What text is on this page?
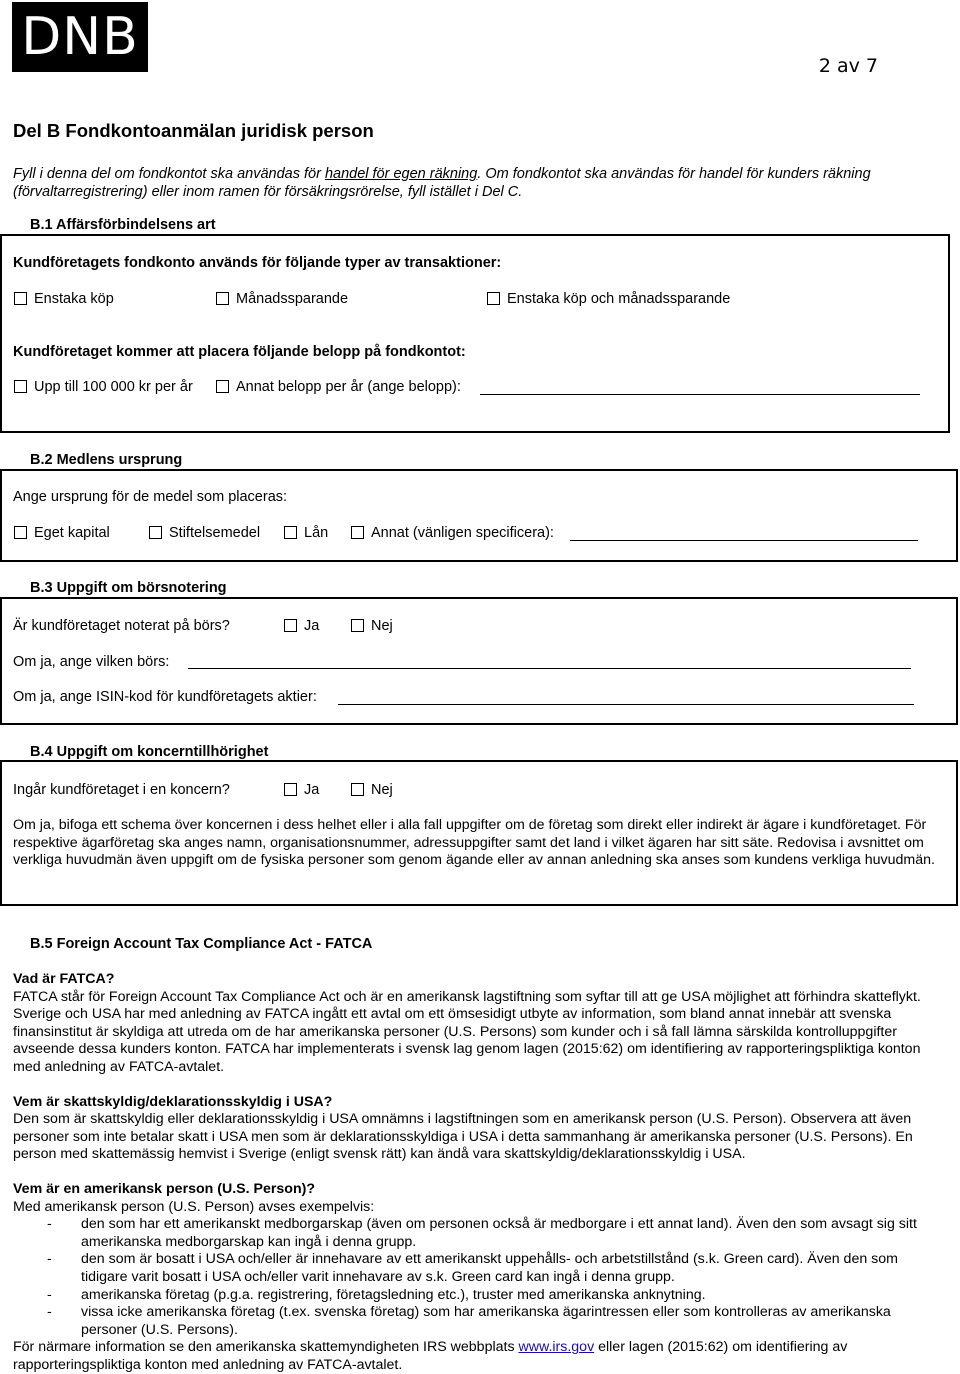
DNB	2 av 7
Del B Fondkontoanmälan juridisk person
Fyll i denna del om fondkontot ska användas för handel för egen räkning. Om fondkontot ska användas för handel för kunders räkning (förvaltarregistrering) eller inom ramen för försäkringsrörelse, fyll istället i Del C.
B.1 Affärsförbindelsens art
Kundföretagets fondkonto används för följande typer av transaktioner:
Enstaka köp	Månadssparande	Enstaka köp och månadssparande
Kundföretaget kommer att placera följande belopp på fondkontot:
Upp till 100 000 kr per år	Annat belopp per år (ange belopp):
B.2 Medlens ursprung
Ange ursprung för de medel som placeras:
Eget kapital	Stiftelsemedel	Lån	Annat (vänligen specificera):
B.3 Uppgift om börsnotering
Är kundföretaget noterat på börs?	Ja	Nej
Om ja, ange vilken börs:
Om ja, ange ISIN-kod för kundföretagets aktier:
B.4 Uppgift om koncerntillhörighet
Ingår kundföretaget i en koncern?	Ja	Nej
Om ja, bifoga ett schema över koncernen i dess helhet eller i alla fall uppgifter om de företag som direkt eller indirekt är ägare i kundföretaget. För respektive ägarföretag ska anges namn, organisationsnummer, adressuppgifter samt det land i vilket ägaren har sitt säte. Redovisa i avsnittet om verkliga huvudmän även uppgift om de fysiska personer som genom ägande eller av annan anledning ska anses som kundens verkliga huvudmän.
B.5 Foreign Account Tax Compliance Act - FATCA
Vad är FATCA?
FATCA står för Foreign Account Tax Compliance Act och är en amerikansk lagstiftning som syftar till att ge USA möjlighet att förhindra skatteflykt. Sverige och USA har med anledning av FATCA ingått ett avtal om ett ömsesidigt utbyte av information, som bland annat innebär att svenska finansinstitut är skyldiga att utreda om de har amerikanska personer (U.S. Persons) som kunder och i så fall lämna särskilda kontrolluppgifter avseende dessa kunders konton. FATCA har implementerats i svensk lag genom lagen (2015:62) om identifiering av rapporteringspliktiga konton med anledning av FATCA-avtalet.
Vem är skattskyldig/deklarationsskyldig i USA?
Den som är skattskyldig eller deklarationsskyldig i USA omnämns i lagstiftningen som en amerikansk person (U.S. Person). Observera att även personer som inte betalar skatt i USA men som är deklarationsskyldiga i USA i detta sammanhang är amerikanska personer (U.S. Persons). En person med skattemässig hemvist i Sverige (enligt svensk rätt) kan ändå vara skattskyldig/deklarationsskyldig i USA.
Vem är en amerikansk person (U.S. Person)?
Med amerikansk person (U.S. Person) avses exempelvis:
- den som har ett amerikanskt medborgarskap (även om personen också är medborgare i ett annat land). Även den som avsagt sig sitt amerikanska medborgarskap kan ingå i denna grupp.
- den som är bosatt i USA och/eller är innehavare av ett amerikanskt uppehålls- och arbetstillstånd (s.k. Green card). Även den som tidigare varit bosatt i USA och/eller varit innehavare av s.k. Green card kan ingå i denna grupp.
- amerikanska företag (p.g.a. registrering, företagsledning etc.), truster med amerikanska anknytning.
- vissa icke amerikanska företag (t.ex. svenska företag) som har amerikanska ägarintressen eller som kontrolleras av amerikanska personer (U.S. Persons).
För närmare information se den amerikanska skattemyndigheten IRS webbplats www.irs.gov eller lagen (2015:62) om identifiering av rapporteringspliktiga konton med anledning av FATCA-avtalet.
